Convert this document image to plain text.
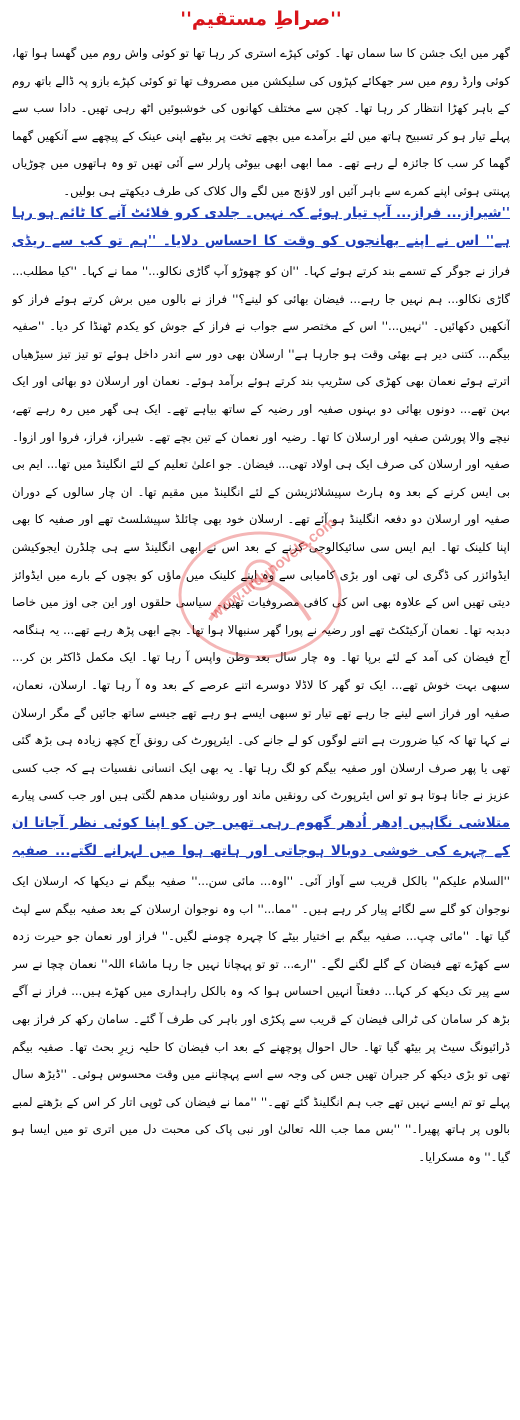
''صراطِ مستقیم''

گھر میں ایک جشن کا سا سماں تھا۔ کوئی کپڑے استری کر رہا تھا تو کوئی واش روم میں گھسا ہوا تھا، کوئی وارڈ روم میں سر جھکائے کپڑوں کی سلیکشن میں مصروف تھا تو کوئی کپڑے بازو پہ ڈالے باتھ روم کے باہر کھڑا انتظار کر رہا تھا۔ کچن سے مختلف کھانوں کی خوشبوئیں اٹھ رہی تھیں۔ دادا سب سے پہلے تیار ہو کر تسبیح ہاتھ میں لئے برآمدے میں بچھے تخت پر بیٹھے اپنی عینک کے پیچھے سے آنکھیں گھما گھما کر سب کا جائزہ لے رہے تھے۔ مما ابھی ابھی بیوٹی پارلر سے آئی تھیں تو وہ ہاتھوں میں چوڑیاں پہنتی ہوئی اپنے کمرے سے باہر آئیں اور لاؤنج میں لگے وال کلاک کی طرف دیکھتے ہی بولیں۔

''شیراز... فراز... آپ تیار ہوئے کہ نہیں۔ جلدی کرو فلائٹ آنے کا ٹائم ہو رہا ہے'' اس نے اپنے بھانجوں کو وقت کا احساس دلایا۔ ''ہم تو کب سے ریڈی

فراز نے جوگر کے تسمے بند کرتے ہوئے کہا۔ ''ان کو چھوڑو آپ گاڑی نکالو...'' مما نے کہا۔ ''کیا مطلب... گاڑی نکالو... ہم نہیں جا رہے... فیضان بھائی کو لینے؟'' فراز نے بالوں میں برش کرتے ہوئے فراز کو آنکھیں دکھائیں۔ ''نہیں...'' اس کے مختصر سے جواب نے فراز کے جوش کو یکدم ٹھنڈا کر دیا۔ ''صفیہ بیگم... کتنی دیر ہے بھئی وقت ہو جارہا ہے'' ارسلان بھی دور سے اندر داخل ہوئے تو تیز تیز سیڑھیاں اترتے ہوئے نعمان بھی کھڑی کی سٹریپ بند کرتے ہوئے برآمد ہوئے۔ نعمان اور ارسلان دو بھائی اور ایک بہن تھے... دونوں بھائی دو بہنوں صفیہ اور رضیہ کے ساتھ بیاہے تھے۔ ایک ہی گھر میں رہ رہے تھے، نیچے والا پورشن صفیہ اور ارسلان کا تھا۔ رضیہ اور نعمان کے تین بچے تھے۔ شیراز، فراز، فروا اور ازوا۔ صفیہ اور ارسلان کی صرف ایک ہی اولاد تھی... فیضان۔ جو اعلیٰ تعلیم کے لئے انگلینڈ میں تھا... ایم بی بی ایس کرنے کے بعد وہ ہارٹ سپیشلائزیشن کے لئے انگلینڈ میں مقیم تھا۔ ان چار سالوں کے دوران صفیہ اور ارسلان دو دفعہ انگلینڈ ہو آئے تھے۔ ارسلان خود بھی چائلڈ سپیشلسٹ تھے اور صفیہ کا بھی اپنا کلینک تھا۔ ایم ایس سی سائیکالوجی کرنے کے بعد اس نے ابھی انگلینڈ سے ہی چلڈرن ایجوکیشن ایڈوائزر کی ڈگری لی تھی اور بڑی کامیابی سے وہ اپنے کلینک میں ماؤں کو بچوں کے بارے میں ایڈوائز دیتی تھیں اس کے علاوہ بھی اس کی کافی مصروفیات تھیں۔ سیاسی حلقوں اور این جی اوز میں خاصا دبدبہ تھا۔ نعمان آرکیٹکٹ تھے اور رضیہ نے پورا گھر سنبھالا ہوا تھا۔ بچے ابھی پڑھ رہے تھے... یہ ہنگامہ آج فیضان کی آمد کے لئے برپا تھا۔ وہ چار سال بعد وطن واپس آ رہا تھا۔ ایک مکمل ڈاکٹر بن کر... سبھی بہت خوش تھے... ایک تو گھر کا لاڈلا دوسرے اتنے عرصے کے بعد وہ آ رہا تھا۔ ارسلان، نعمان، صفیہ اور فراز اسے لینے جا رہے تھے تیار تو سبھی ایسے ہو رہے تھے جیسے ساتھ جائیں گے مگر ارسلان نے کہا تھا کہ کیا ضرورت ہے اتنے لوگوں کو لے جانے کی۔ ایئرپورٹ کی رونق آج کچھ زیادہ ہی بڑھ گئی تھی یا پھر صرف ارسلان اور صفیہ بیگم کو لگ رہا تھا۔ یہ بھی ایک انسانی نفسیات ہے کہ جب کسی عزیز نے جانا ہوتا ہو تو اس ایئرپورٹ کی رونقیں ماند اور روشنیاں مدھم لگتی ہیں اور جب کسی پیارے

متلاشی نگاہیں اِدھر اُدھر گھوم رہی تھیں جن کو اپنا کوئی نظر آجاتا ان کے چہرے کی خوشی دوبالا ہوجاتی اور ہاتھ ہوا میں لہرانے لگتے... صفیہ

''السلام علیکم'' بالکل قریب سے آواز آئی۔ ''اوہ... مائی سن...'' صفیہ بیگم نے دیکھا کہ ارسلان ایک نوجوان کو گلے سے لگائے پیار کر رہے ہیں۔ ''مما...'' اب وہ نوجوان ارسلان کے بعد صفیہ بیگم سے لپٹ گیا تھا۔ ''مائی چپ... صفیہ بیگم بے اختیار بیٹے کا چہرہ چومنے لگیں۔'' فراز اور نعمان جو حیرت زدہ سے کھڑے تھے فیضان کے گلے لگنے لگے۔ ''ارے... تو تو پہچانا نہیں جا رہا ماشاء اللہ'' نعمان چچا نے سر سے پیر تک دیکھ کر کہا... دفعتاً انہیں احساس ہوا کہ وہ بالکل راہداری میں کھڑے ہیں... فراز نے آگے بڑھ کر سامان کی ٹرالی فیضان کے قریب سے پکڑی اور باہر کی طرف آ گئے۔ سامان رکھ کر فراز بھی ڈرائیونگ سیٹ پر بیٹھ گیا تھا۔ حال احوال پوچھنے کے بعد اب فیضان کا حلیہ زیرِ بحث تھا۔ صفیہ بیگم تھی تو بڑی دیکھ کر جیران تھیں جس کی وجہ سے اسے پہچاننے میں وقت محسوس ہوئی۔ ''ڈیڑھ سال پہلے تو تم ایسے نہیں تھے جب ہم انگلینڈ گئے تھے۔'' ''مما نے فیضان کی ٹوپی اتار کر اس کے بڑھتے لمبے بالوں پر ہاتھ پھیرا۔'' ''بس مما جب اللہ تعالیٰ اور نبی پاک کی محبت دل میں اتری تو میں ایسا ہو گیا۔'' وہ مسکرایا۔

www.urdunovels.com
